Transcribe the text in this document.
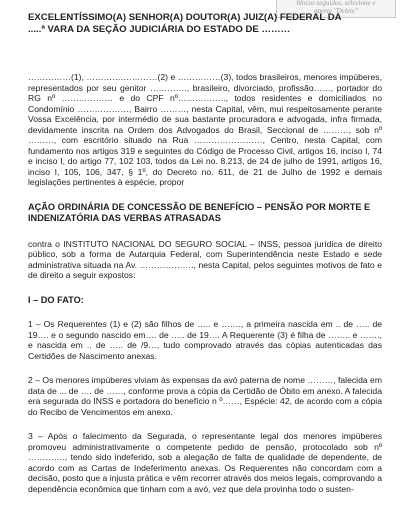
blocos seguidos, selecione e
aperte "Delete"
EXCELENTÍSSIMO(A) SENHOR(A) DOUTOR(A) JUIZ(A) FEDERAL DA .....ª VARA DA SEÇÃO JUDICIÁRIA DO ESTADO DE ………
……………(1), ………….…………(2) e ……………(3), todos brasileiros, menores impúberes, representados por seu genitor …………., brasileiro, divorciado, profissão……, portador do RG nº ……………… e do CPF nº…………….., todos residentes e domiciliados no Condomínio ………………, Bairro ………, nesta Capital, vêm, mui respeitosamente perante Vossa Excelência, por intermédio de sua bastante procuradora e advogada, infra firmada, devidamente inscrita na Ordem dos Advogados do Brasil, Seccional de ………, sob nº ………, com escritório situado na Rua ……………………, Centro, nesta Capital, com fundamento nos artigos 319 e seguintes do Código de Processo Civil, artigos 16, inciso I, 74 e inciso I, do artigo 77, 102 103, todos da Lei no. 8.213, de 24 de julho de 1991, artigos 16, inciso I, 105, 106, 347, § 1º, do Decreto no. 611, de 21 de Julho de 1992 e demais legislações pertinentes à espécie, propor
AÇÃO ORDINÁRIA DE CONCESSÃO DE BENEFÍCIO – PENSÃO POR MORTE E INDENIZATÓRIA DAS VERBAS ATRASADAS
contra o INSTITUTO NACIONAL DO SEGURO SOCIAL – INSS, pessoa jurídica de direito público, sob a forma de Autarquia Federal, com Superintendência neste Estado e sede administrativa situada na Av. ………………., nesta Capital, pelos seguintes motivos de fato e de direito a seguir expostos:
I – DO FATO:
1 – Os Requerentes (1) e (2) são filhos de ….. e ……., a primeira nascida em .. de ….. de 19…. e o segundo nascido em…. de ….. de 19…. A Requerente (3) é filha de …….. e ……., e nascida em .. de ….. de /9…, tudo comprovado através das cópias autenticadas das Certidões de Nascimento anexas.
2 – Os menores impúberes viviam às expensas da avó paterna de nome ………, falecida em data de ... de …. de ……, conforme prova a cópia da Certidão de Óbito em anexo. A falecida era segurada do INSS e portadora do benefício n º……, Espécie: 42, de acordo com a cópia do Recibo de Vencimentos em anexo.
3 – Após o falecimento da Segurada, o representante legal dos menores impúberes promoveu administrativamente o competente pedido de pensão, protocolado sob nº …………., tendo sido indeferido, sob a alegação de falta de qualidade de dependente, de acordo com as Cartas de Indeferimento anexas. Os Requerentes não concordam com a decisão, posto que a injusta prática e vêm recorrer através dos meios legais, comprovando a dependência econômica que tinham com a avó, vez que dela provinha todo o susten-
